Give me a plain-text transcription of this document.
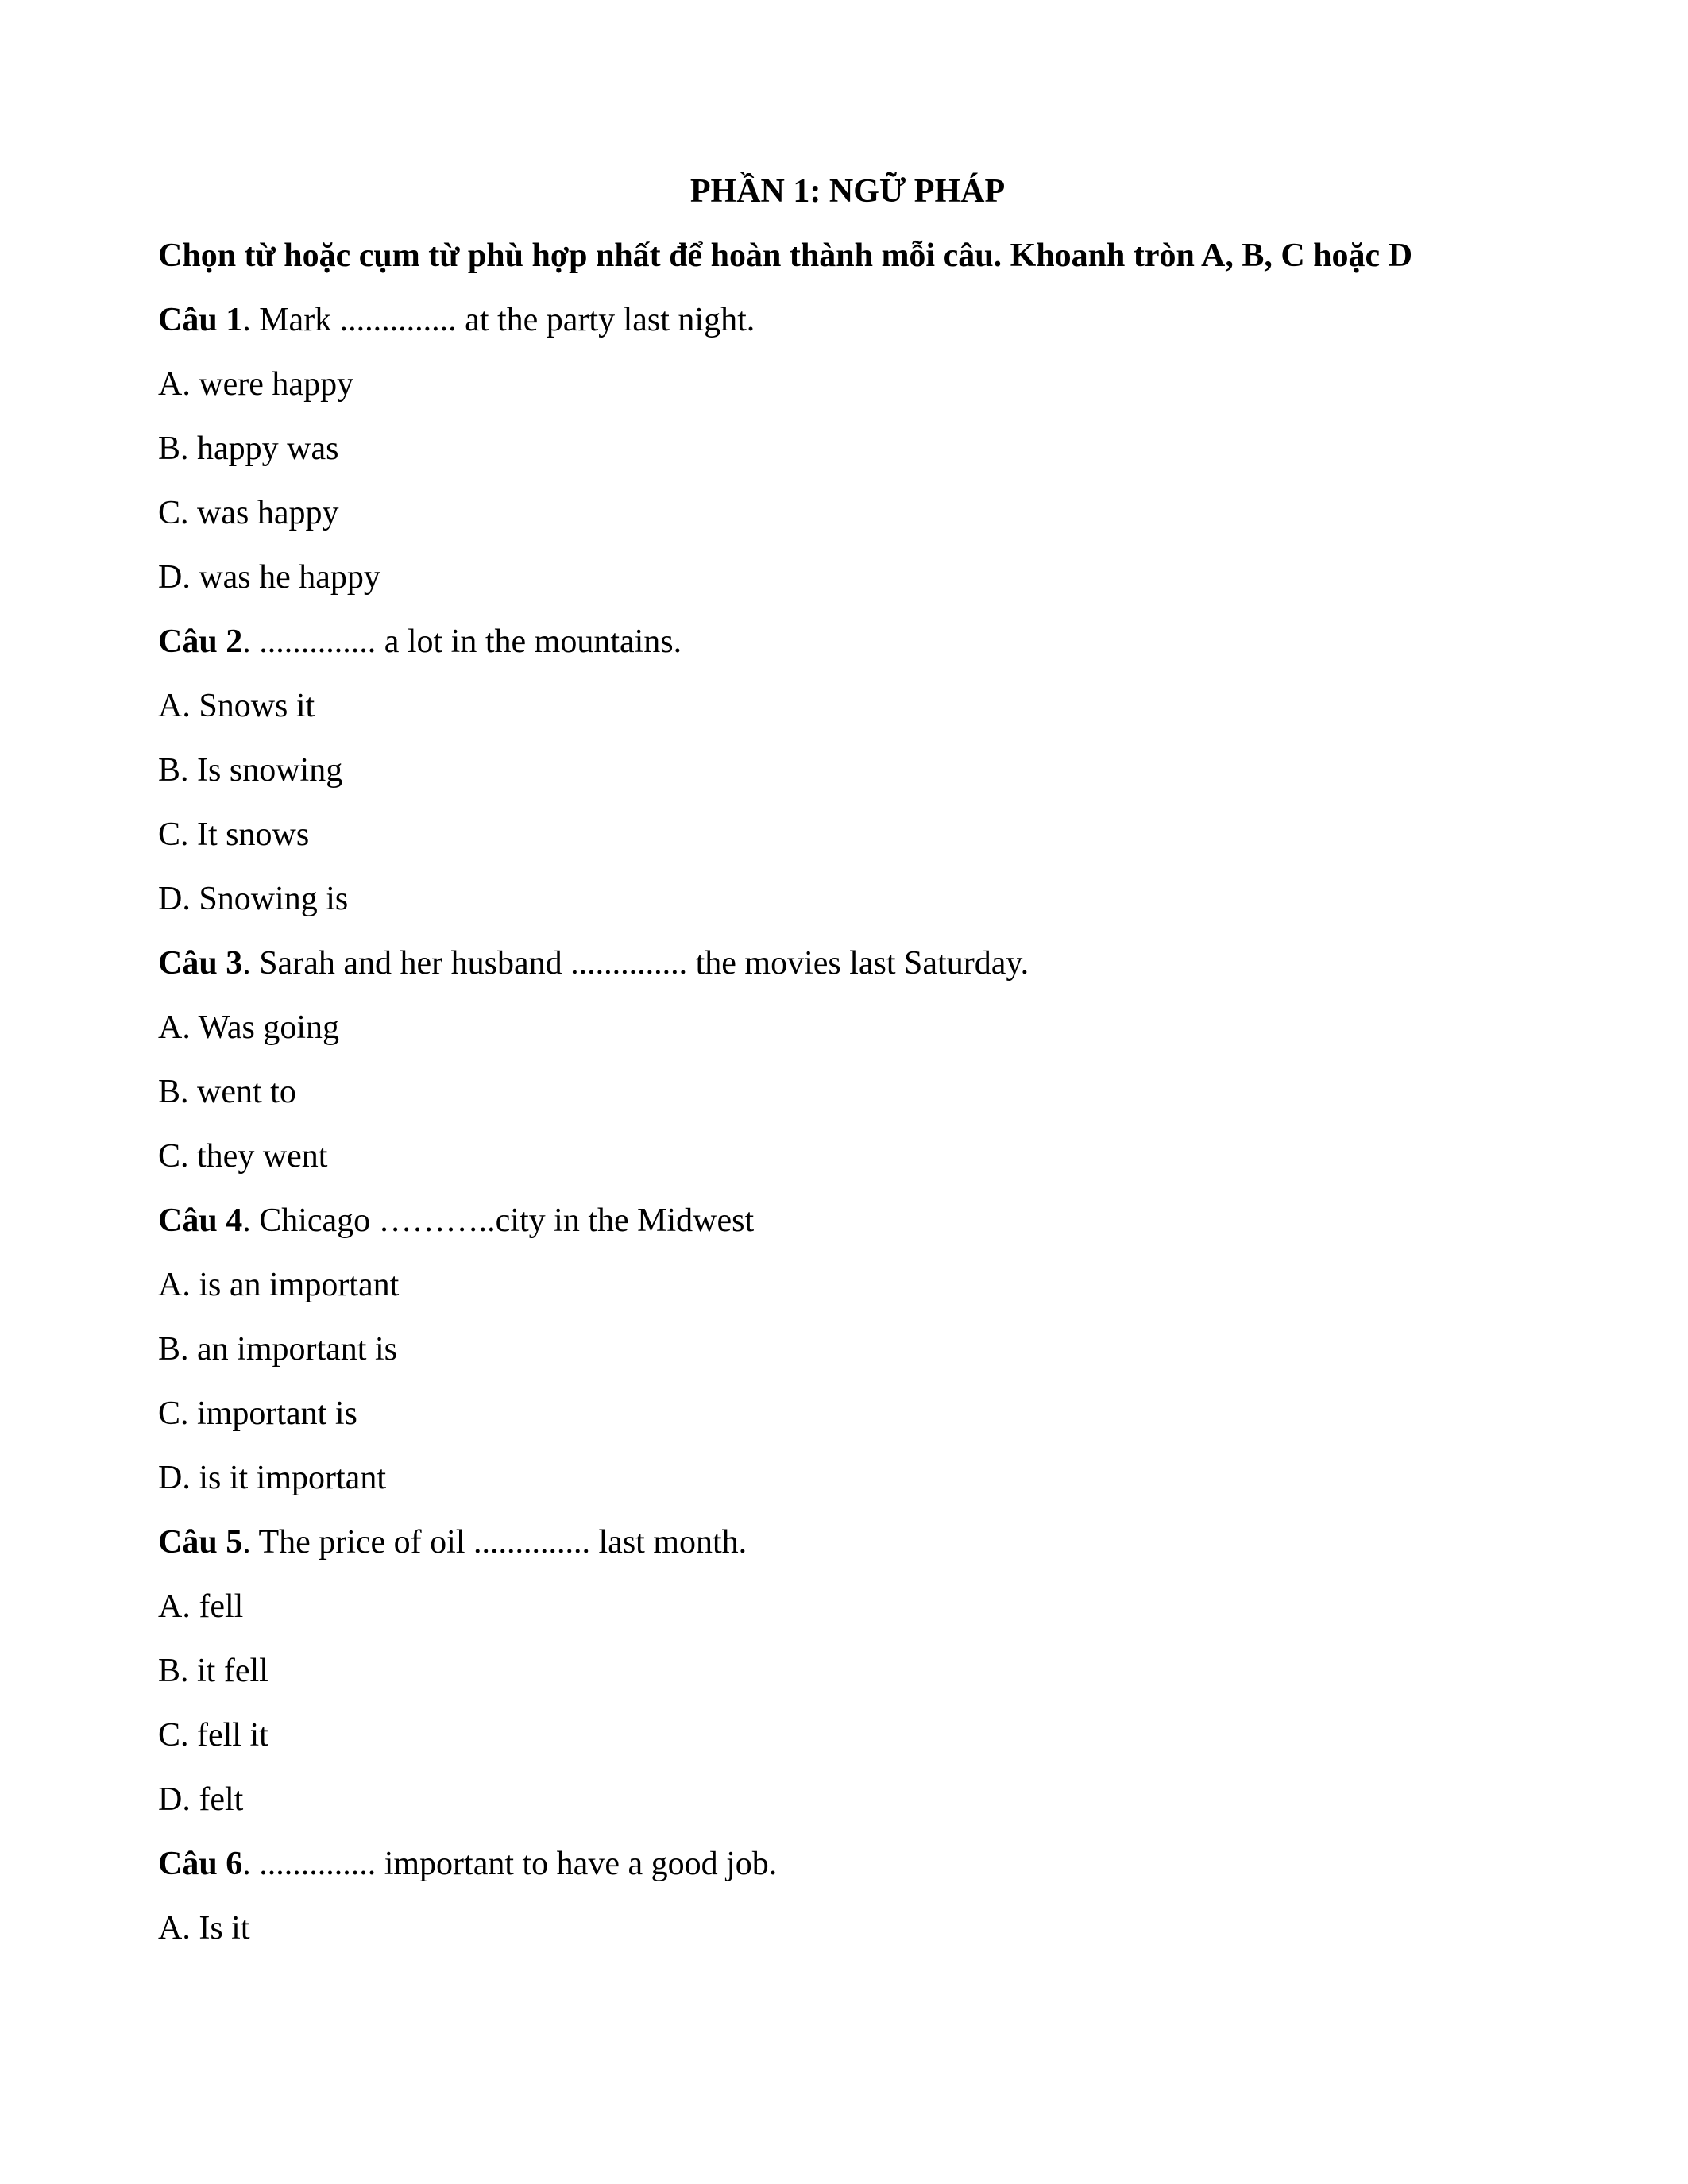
PHẦN 1: NGỮ PHÁP

Chọn từ hoặc cụm từ phù hợp nhất để hoàn thành mỗi câu. Khoanh tròn A, B, C hoặc D

Câu 1. Mark .............. at the party last night.

A. were happy

B. happy was

C. was happy

D. was he happy

Câu 2. .............. a lot in the mountains.

A. Snows it

B. Is snowing

C. It snows

D. Snowing is

Câu 3. Sarah and her husband .............. the movies last Saturday.

A. Was going

B. went to

C. they went

Câu 4. Chicago ………..city in the Midwest

A. is an important

B. an important is

C. important is

D. is it important

Câu 5. The price of oil .............. last month.

A. fell

B. it fell

C. fell it

D. felt

Câu 6. .............. important to have a good job.

A. Is it
